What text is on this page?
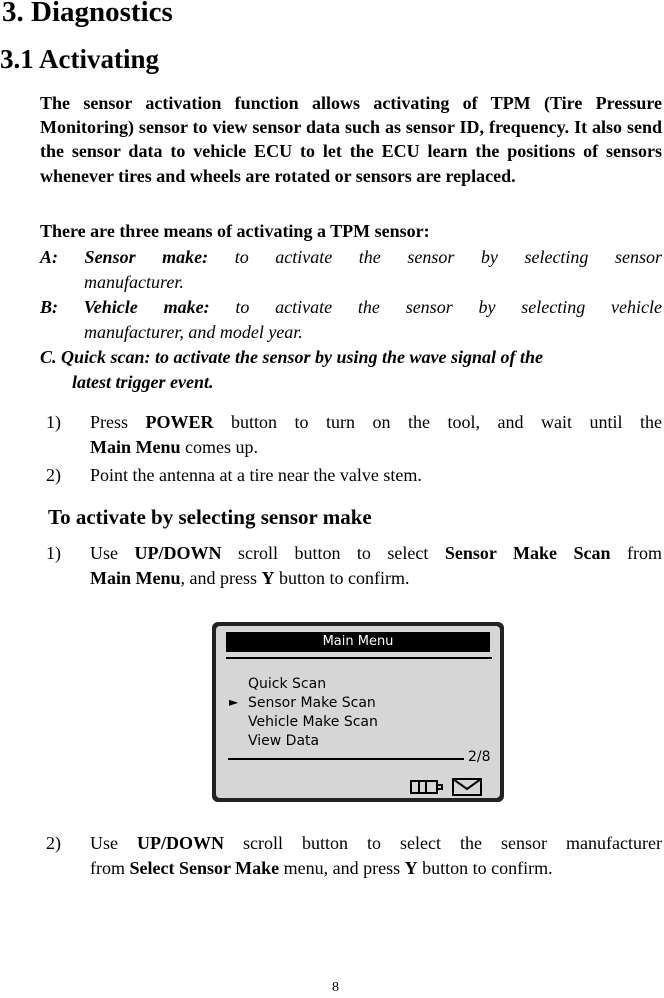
3. Diagnostics
3.1 Activating
The sensor activation function allows activating of TPM (Tire Pressure Monitoring) sensor to view sensor data such as sensor ID, frequency. It also send the sensor data to vehicle ECU to let the ECU learn the positions of sensors whenever tires and wheels are rotated or sensors are replaced.
There are three means of activating a TPM sensor:
A: Sensor make: to activate the sensor by selecting sensor
manufacturer.
B: Vehicle make: to activate the sensor by selecting vehicle
manufacturer, and model year.
C. Quick scan: to activate the sensor by using the wave signal of the
latest trigger event.
1) Press POWER button to turn on the tool, and wait until the
Main Menu comes up.
2) Point the antenna at a tire near the valve stem.
To activate by selecting sensor make
1) Use UP/DOWN scroll button to select Sensor Make Scan from
Main Menu, and press Y button to confirm.
Main Menu
Quick Scan
► Sensor Make Scan
Vehicle Make Scan
View Data
2/8
2) Use UP/DOWN scroll button to select the sensor manufacturer
from Select Sensor Make menu, and press Y button to confirm.
8
